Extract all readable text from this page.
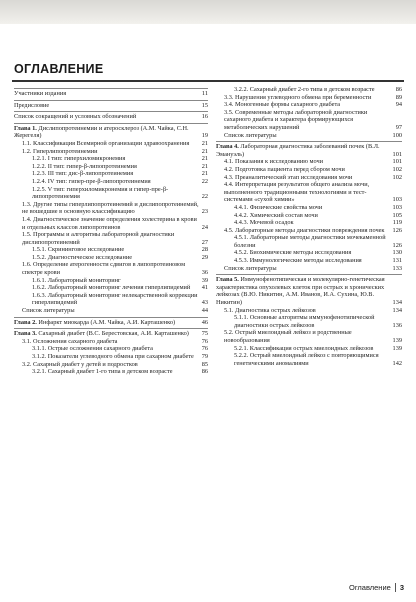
ОГЛАВЛЕНИЕ
Участники издания	11
Предисловие	15
Список сокращений и условных обозначений	16
Глава 1. Дислипопротеинемии и атеросклероз (А.М. Чайка, С.Н. Жерегеля)	19
1.1. Классификация Всемирной организации здравоохранения	21
1.2. Гиперлипопротеинемии	21
1.2.1. I тип: гиперхиломикронемия	21
1.2.2. II тип: гипер-β-липопротеинемия	21
1.2.3. III тип: дис-β-липопротеинемия	21
1.2.4. IV тип: гипер-пре-β-липопротеинемия	22
1.2.5. V тип: гиперхиломикронемия и гипер-пре-β-липопротеинемия	22
1.3. Другие типы гиперлипопротеинемий и дислипопротеинемий, не вошедшие в основную классификацию	23
1.4. Диагностическое значение определения холестерина в крови и отдельных классов липопротеинов	24
1.5. Программы и алгоритмы лабораторной диагностики дислипопротеинемий	27
1.5.1. Скрининговое исследование	28
1.5.2. Диагностическое исследование	29
1.6. Определение атерогенности сдвигов в липопротеиновом спектре крови	36
1.6.1. Лабораторный мониторинг	39
1.6.2. Лабораторный мониторинг лечения гиперлипидемий	41
1.6.3. Лабораторный мониторинг нелекарственной коррекции гиперлипидемий	43
Список литературы	44
Глава 2. Инфаркт миокарда (А.М. Чайка, А.И. Карташенко)	46
Глава 3. Сахарный диабет (В.С. Берестовская, А.И. Карташенко)	75
3.1. Осложнения сахарного диабета	76
3.1.1. Острые осложнения сахарного диабета	76
3.1.2. Показатели углеводного обмена при сахарном диабете	79
3.2. Сахарный диабет у детей и подростков	85
3.2.1. Сахарный диабет 1-го типа в детском возрасте	86
3.2.2. Сахарный диабет 2-го типа в детском возрасте	86
3.3. Нарушения углеводного обмена при беременности	89
3.4. Моногенные формы сахарного диабета	94
3.5. Современные методы лабораторной диагностики сахарного диабета и характера формирующихся метаболических нарушений	97
Список литературы	100
Глава 4. Лабораторная диагностика заболеваний почек (В.Л. Эмануэль)	101
4.1. Показания к исследованию мочи	101
4.2. Подготовка пациента перед сбором мочи	102
4.3. Преаналитический этап исследования мочи	102
4.4. Интерпретация результатов общего анализа мочи, выполненного традиционными технологиями и тест-системами «сухой химии»	103
4.4.1. Физические свойства мочи	103
4.4.2. Химический состав мочи	105
4.4.3. Мочевой осадок	119
4.5. Лабораторные методы диагностики повреждения почек	126
4.5.1. Лабораторные методы диагностики мочекаменной болезни	126
4.5.2. Биохимические методы исследования	130
4.5.3. Иммунологические методы исследования	131
Список литературы	133
Глава 5. Иммунофенотипическая и молекулярно-генетическая характеристика опухолевых клеток при острых и хронических лейкозах (В.Ю. Никитин, А.М. Иванов, И.А. Сухина, Ю.В. Никитин)	134
5.1. Диагностика острых лейкозов	134
5.1.1. Основные алгоритмы иммунофенотипической диагностики острых лейкозов	136
5.2. Острый миелоидный лейкоз и родственные новообразования	139
5.2.1. Классификация острых миелоидных лейкозов	139
5.2.2. Острый миелоидный лейкоз с повторяющимися генетическими аномалиями	142
Оглавление 3
